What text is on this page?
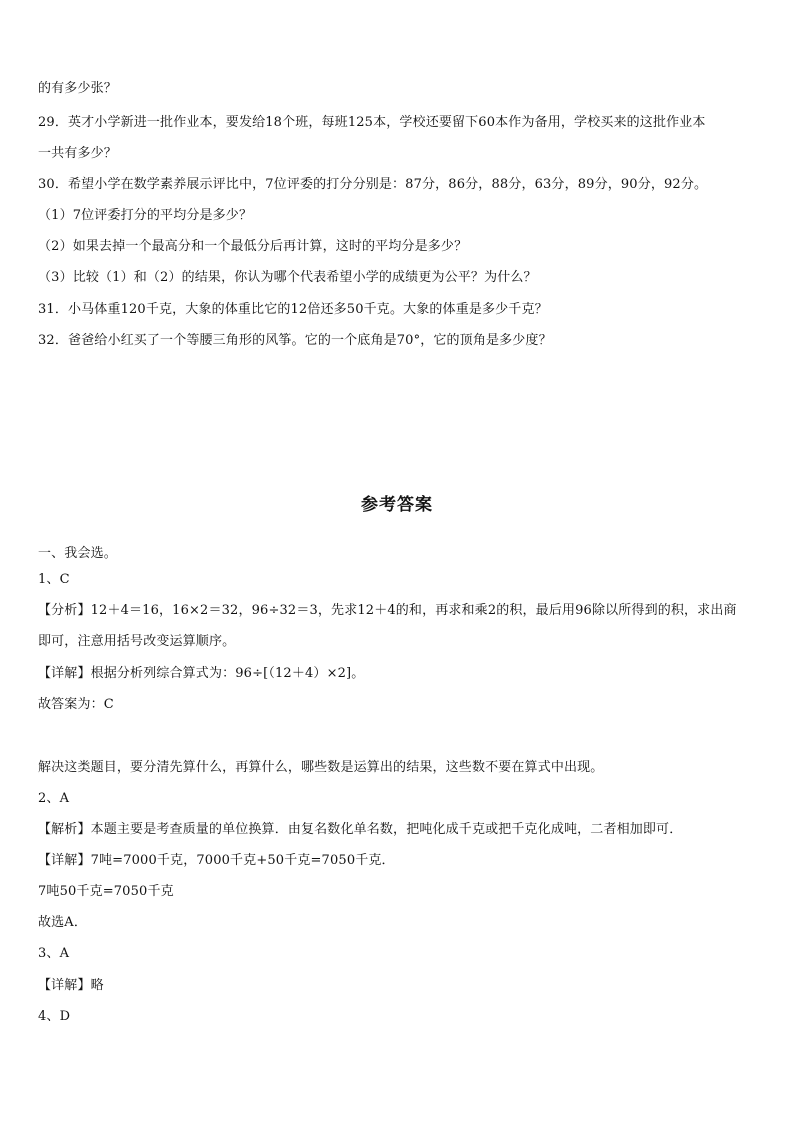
的有多少张？
29．英才小学新进一批作业本，要发给18个班，每班125本，学校还要留下60本作为备用，学校买来的这批作业本
一共有多少？
30．希望小学在数学素养展示评比中，7位评委的打分分别是：87分，86分，88分，63分，89分，90分，92分。
（1）7位评委打分的平均分是多少？
（2）如果去掉一个最高分和一个最低分后再计算，这时的平均分是多少？
（3）比较（1）和（2）的结果，你认为哪个代表希望小学的成绩更为公平？为什么？
31．小马体重120千克，大象的体重比它的12倍还多50千克。大象的体重是多少千克？
32．爸爸给小红买了一个等腰三角形的风筝。它的一个底角是70°，它的顶角是多少度？
参考答案
一、我会选。
1、C
【分析】12＋4＝16，16×2＝32，96÷32＝3，先求12＋4的和，再求和乘2的积，最后用96除以所得到的积，求出商
即可，注意用括号改变运算顺序。
【详解】根据分析列综合算式为：96÷[（12＋4）×2]。
故答案为：C
解决这类题目，要分清先算什么，再算什么，哪些数是运算出的结果，这些数不要在算式中出现。
2、A
【解析】本题主要是考查质量的单位换算．由复名数化单名数，把吨化成千克或把千克化成吨，二者相加即可．
【详解】7吨=7000千克，7000千克+50千克=7050千克．
7吨50千克=7050千克
故选A．
3、A
【详解】略
4、D
